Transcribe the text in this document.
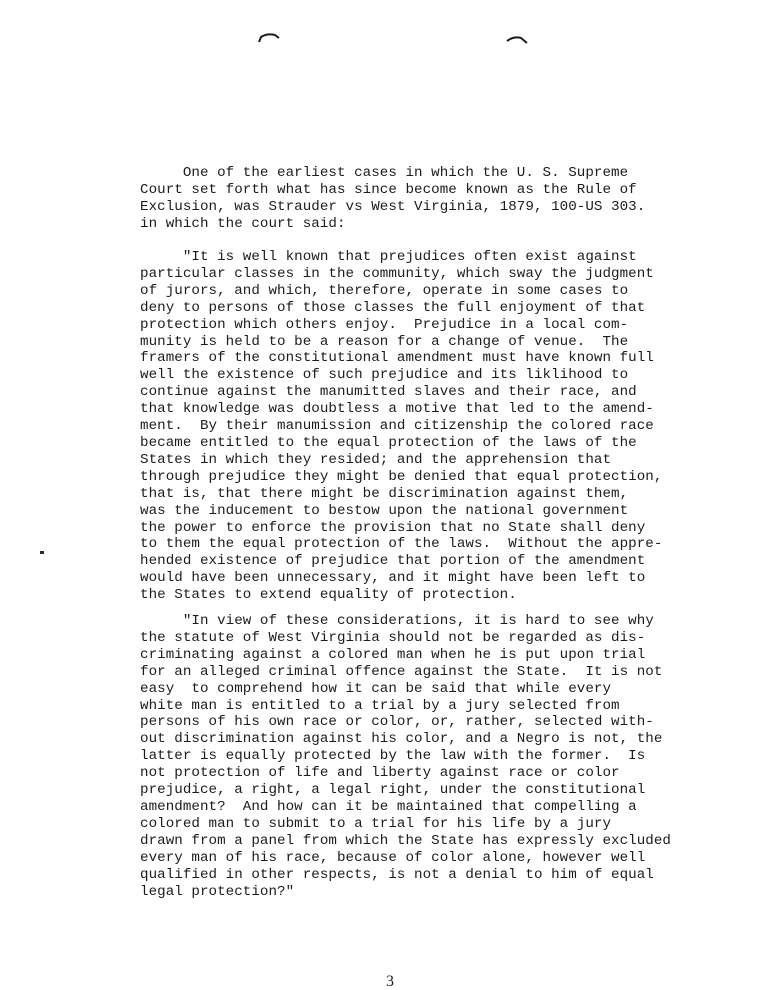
One of the earliest cases in which the U. S. Supreme
Court set forth what has since become known as the Rule of
Exclusion, was Strauder vs West Virginia, 1879, 100-US 303.
in which the court said:

"It is well known that prejudices often exist against
particular classes in the community, which sway the judgment
of jurors, and which, therefore, operate in some cases to
deny to persons of those classes the full enjoyment of that
protection which others enjoy.  Prejudice in a local com-
munity is held to be a reason for a change of venue.  The
framers of the constitutional amendment must have known full
well the existence of such prejudice and its liklihood to
continue against the manumitted slaves and their race, and
that knowledge was doubtless a motive that led to the amend-
ment.  By their manumission and citizenship the colored race
became entitled to the equal protection of the laws of the
States in which they resided; and the apprehension that
through prejudice they might be denied that equal protection,
that is, that there might be discrimination against them,
was the inducement to bestow upon the national government
the power to enforce the provision that no State shall deny
to them the equal protection of the laws.  Without the appre-
hended existence of prejudice that portion of the amendment
would have been unnecessary, and it might have been left to
the States to extend equality of protection.

"In view of these considerations, it is hard to see why
the statute of West Virginia should not be regarded as dis-
criminating against a colored man when he is put upon trial
for an alleged criminal offence against the State.  It is not
easy  to comprehend how it can be said that while every
white man is entitled to a trial by a jury selected from
persons of his own race or color, or, rather, selected with-
out discrimination against his color, and a Negro is not, the
latter is equally protected by the law with the former.  Is
not protection of life and liberty against race or color
prejudice, a right, a legal right, under the constitutional
amendment?  And how can it be maintained that compelling a
colored man to submit to a trial for his life by a jury
drawn from a panel from which the State has expressly excluded
every man of his race, because of color alone, however well
qualified in other respects, is not a denial to him of equal
legal protection?"

3
